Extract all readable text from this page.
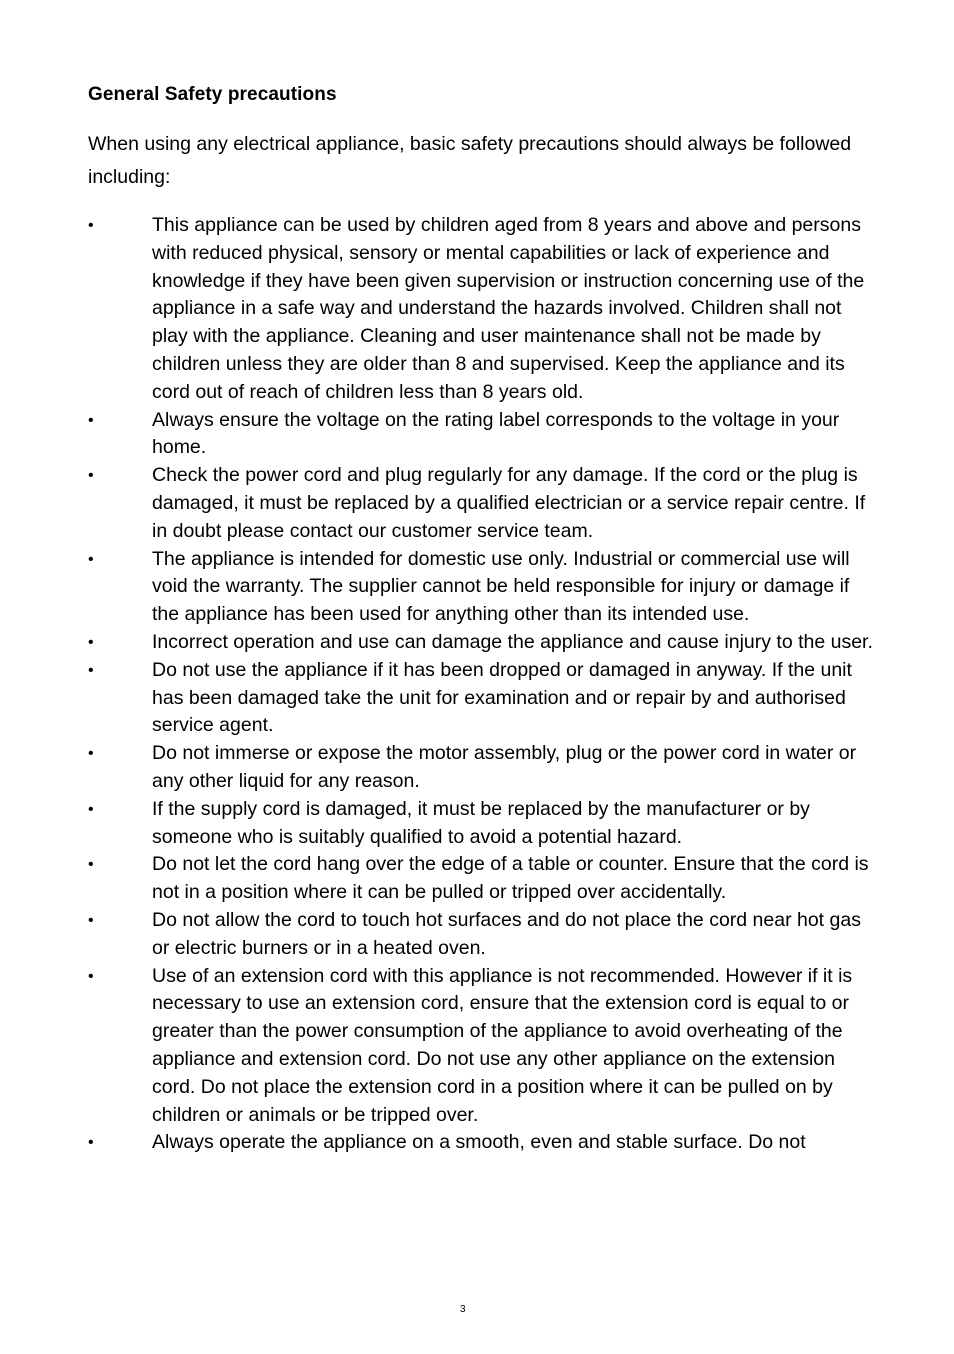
General Safety precautions

When using any electrical appliance, basic safety precautions should always be followed including:

•	This appliance can be used by children aged from 8 years and above and persons with reduced physical, sensory or mental capabilities or lack of experience and knowledge if they have been given supervision or instruction concerning use of the appliance in a safe way and understand the hazards involved. Children shall not play with the appliance. Cleaning and user maintenance shall not be made by children unless they are older than 8 and supervised. Keep the appliance and its cord out of reach of children less than 8 years old.
•	Always ensure the voltage on the rating label corresponds to the voltage in your home.
•	Check the power cord and plug regularly for any damage. If the cord or the plug is damaged, it must be replaced by a qualified electrician or a service repair centre. If in doubt please contact our customer service team.
•	The appliance is intended for domestic use only. Industrial or commercial use will void the warranty. The supplier cannot be held responsible for injury or damage if the appliance has been used for anything other than its intended use.
•	Incorrect operation and use can damage the appliance and cause injury to the user.
•	Do not use the appliance if it has been dropped or damaged in anyway. If the unit has been damaged take the unit for examination and or repair by and authorised service agent.
•	Do not immerse or expose the motor assembly, plug or the power cord in water or any other liquid for any reason.
•	If the supply cord is damaged, it must be replaced by the manufacturer or by someone who is suitably qualified to avoid a potential hazard.
•	Do not let the cord hang over the edge of a table or counter. Ensure that the cord is not in a position where it can be pulled or tripped over accidentally.
•	Do not allow the cord to touch hot surfaces and do not place the cord near hot gas or electric burners or in a heated oven.
•	Use of an extension cord with this appliance is not recommended. However if it is necessary to use an extension cord, ensure that the extension cord is equal to or greater than the power consumption of the appliance to avoid overheating of the appliance and extension cord. Do not use any other appliance on the extension cord. Do not place the extension cord in a position where it can be pulled on by children or animals or be tripped over.
•	Always operate the appliance on a smooth, even and stable surface. Do not
3
